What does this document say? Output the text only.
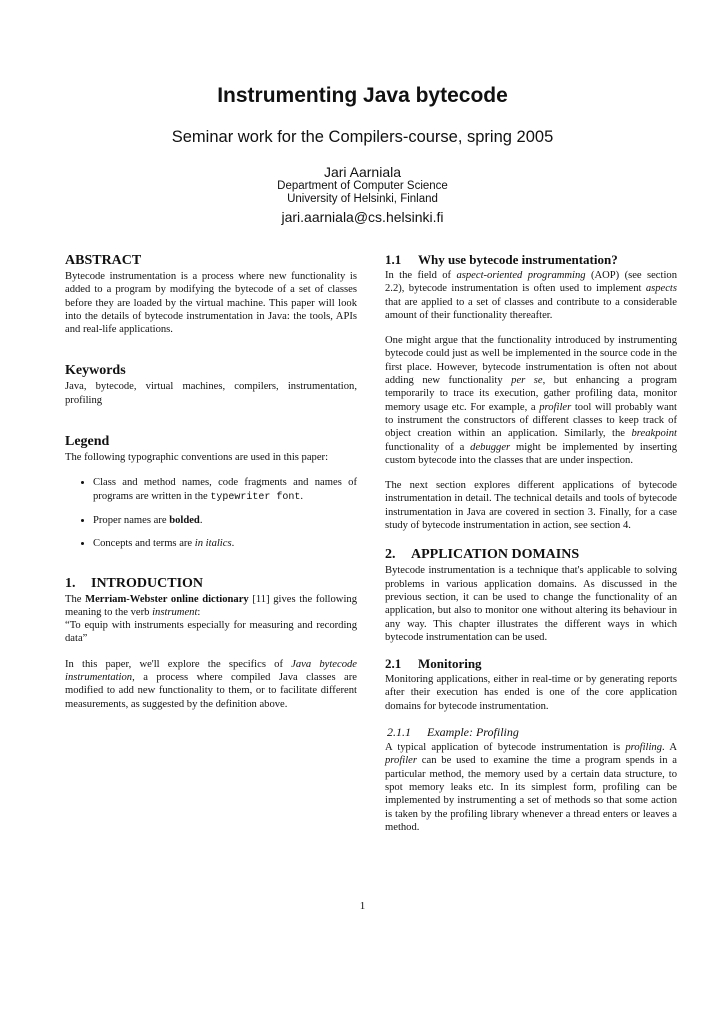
Instrumenting Java bytecode
Seminar work for the Compilers-course, spring 2005
Jari Aarniala
Department of Computer Science
University of Helsinki, Finland
jari.aarniala@cs.helsinki.fi
ABSTRACT

Bytecode instrumentation is a process where new functionality is added to a program by modifying the bytecode of a set of classes before they are loaded by the virtual machine. This paper will look into the details of bytecode instrumentation in Java: the tools, APIs and real-life applications.

Keywords

Java, bytecode, virtual machines, compilers, instrumentation, profiling

Legend

The following typographic conventions are used in this paper:

• Class and method names, code fragments and names of programs are written in the typewriter font.
• Proper names are bolded.
• Concepts and terms are in italics.
1. INTRODUCTION

The Merriam-Webster online dictionary [11] gives the following meaning to the verb instrument:

“To equip with instruments especially for measuring and recording data”

In this paper, we'll explore the specifics of Java bytecode instrumentation, a process where compiled Java classes are modified to add new functionality to them, or to facilitate different measurements, as suggested by the definition above.

1.1 Why use bytecode instrumentation?

In the field of aspect-oriented programming (AOP) (see section 2.2), bytecode instrumentation is often used to implement aspects that are applied to a set of classes and contribute to a considerable amount of their functionality thereafter.

One might argue that the functionality introduced by instrumenting bytecode could just as well be implemented in the source code in the first place. However, bytecode instrumentation is often not about adding new functionality per se, but enhancing a program temporarily to trace its execution, gather profiling data, monitor memory usage etc. For example, a profiler tool will probably want to instrument the constructors of different classes to keep track of object creation within an application. Similarly, the breakpoint functionality of a debugger might be implemented by inserting custom bytecode into the classes that are under inspection.

The next section explores different applications of bytecode instrumentation in detail. The technical details and tools of bytecode instrumentation in Java are covered in section 3. Finally, for a case study of bytecode instrumentation in action, see section 4.

2. APPLICATION DOMAINS

Bytecode instrumentation is a technique that's applicable to solving problems in various application domains. As discussed in the previous section, it can be used to change the functionality of an application, but also to monitor one without altering its behaviour in any way. This chapter illustrates the different ways in which bytecode instrumentation can be used.

2.1 Monitoring

Monitoring applications, either in real-time or by generating reports after their execution has ended is one of the core application domains for bytecode instrumentation.

2.1.1 Example: Profiling

A typical application of bytecode instrumentation is profiling. A profiler can be used to examine the time a program spends in a particular method, the memory used by a certain data structure, to spot memory leaks etc. In its simplest form, profiling can be implemented by instrumenting a set of methods so that some action is taken by the profiling library whenever a thread enters or leaves a method.

1
